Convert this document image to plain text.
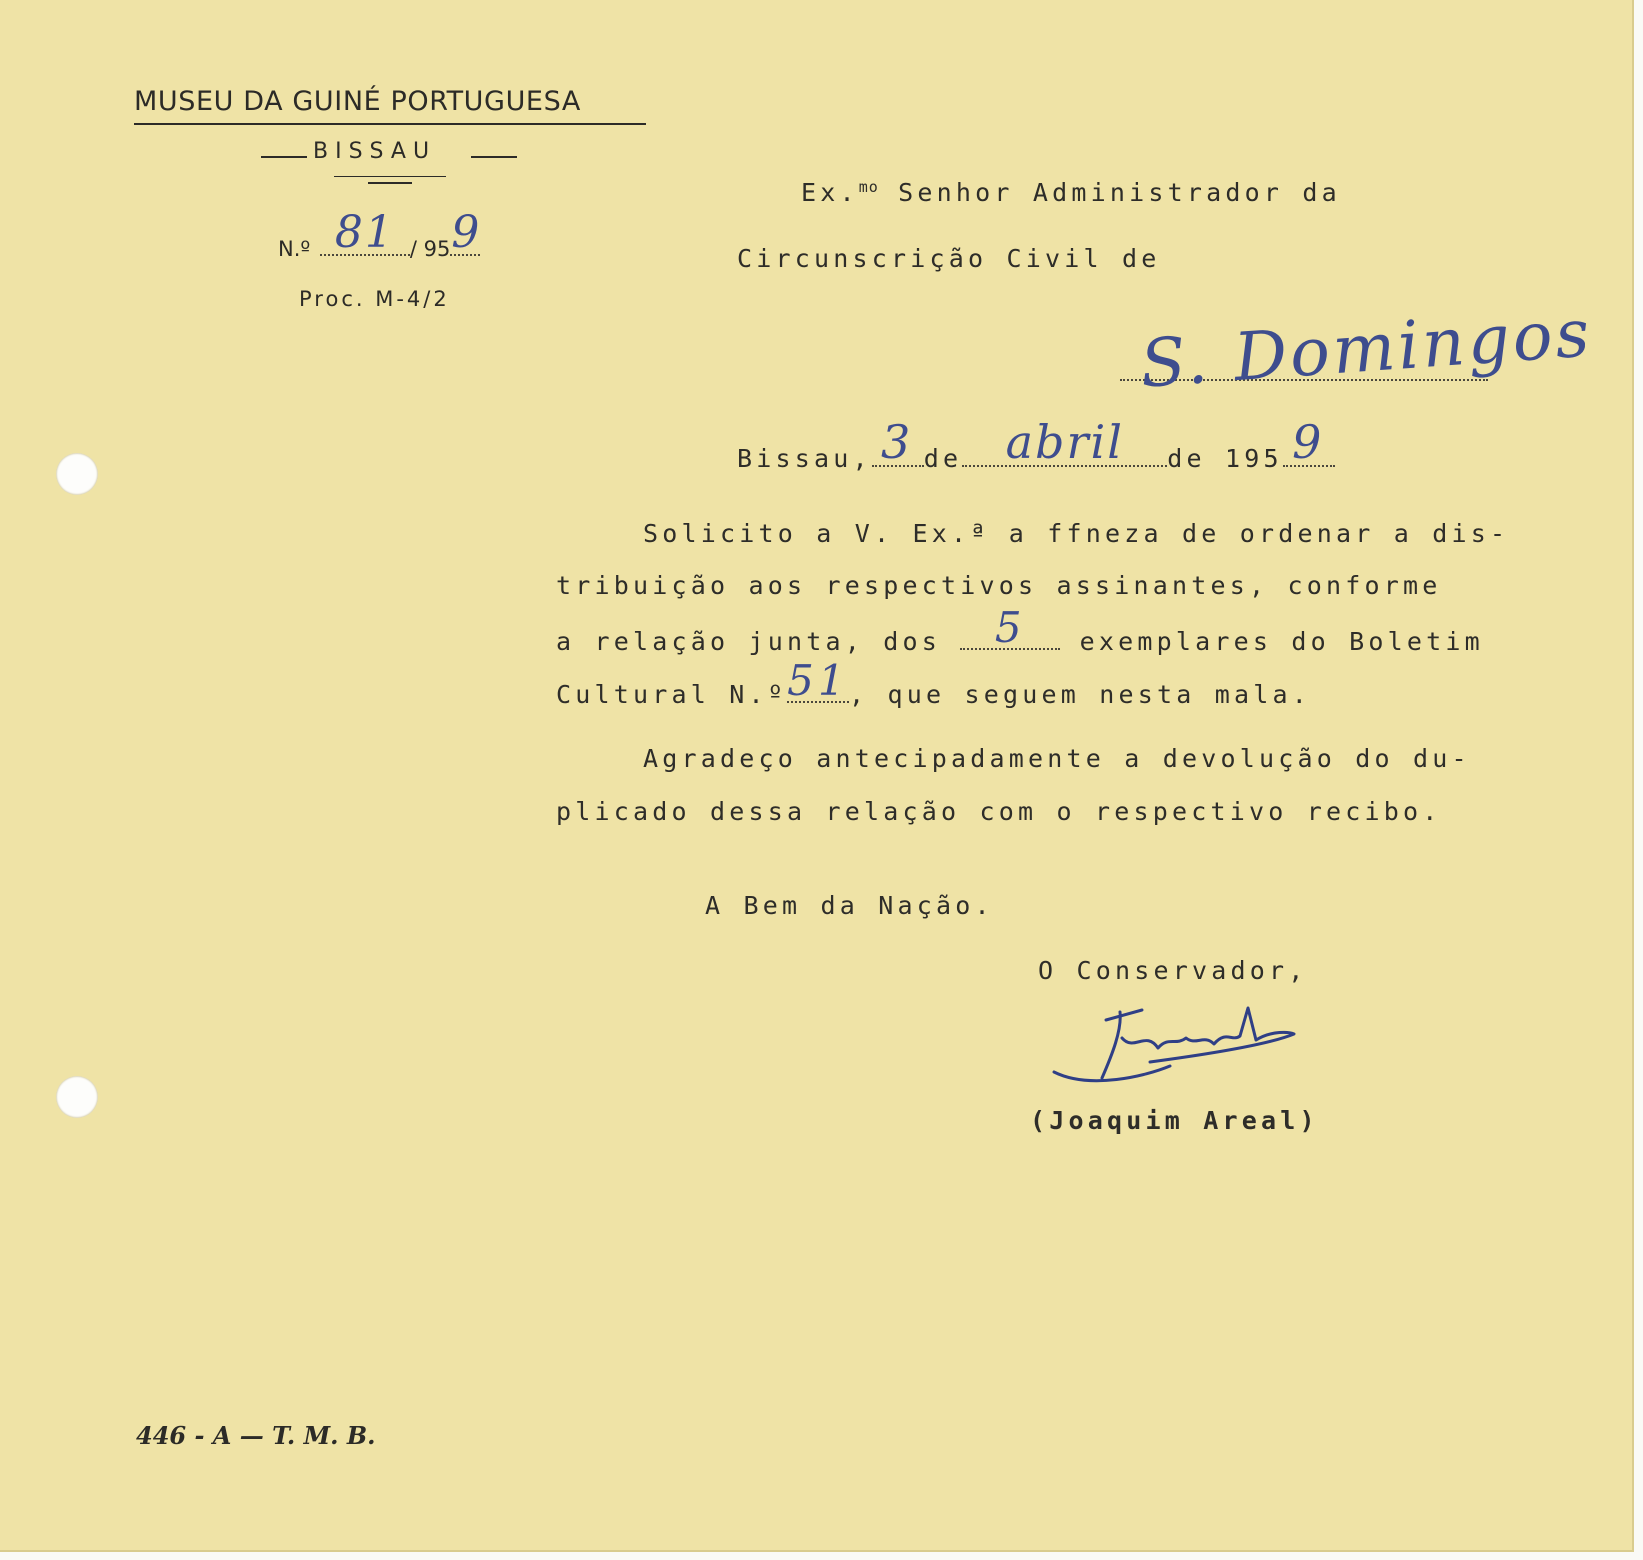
MUSEU DA GUINÉ PORTUGUESA
BISSAU
N.º 81 / 95 9
Proc. M-4/2
Ex.$^{mo}$ Senhor Administrador da
Circunscrição Civil de
S. Domingos
Bissau, 3 de abril de 195 9
Solicito a V. Ex.ª a ffneza de ordenar a dis-
tribuição aos respectivos assinantes, conforme
a relação junta, dos 5 exemplares do Boletim
Cultural N.º 51 , que seguem nesta mala.
Agradeço antecipadamente a devolução do du-
plicado dessa relação com o respectivo recibo.
A Bem da Nação.
O Conservador,
(Joaquim Areal)
446 - A — T. M. B.
